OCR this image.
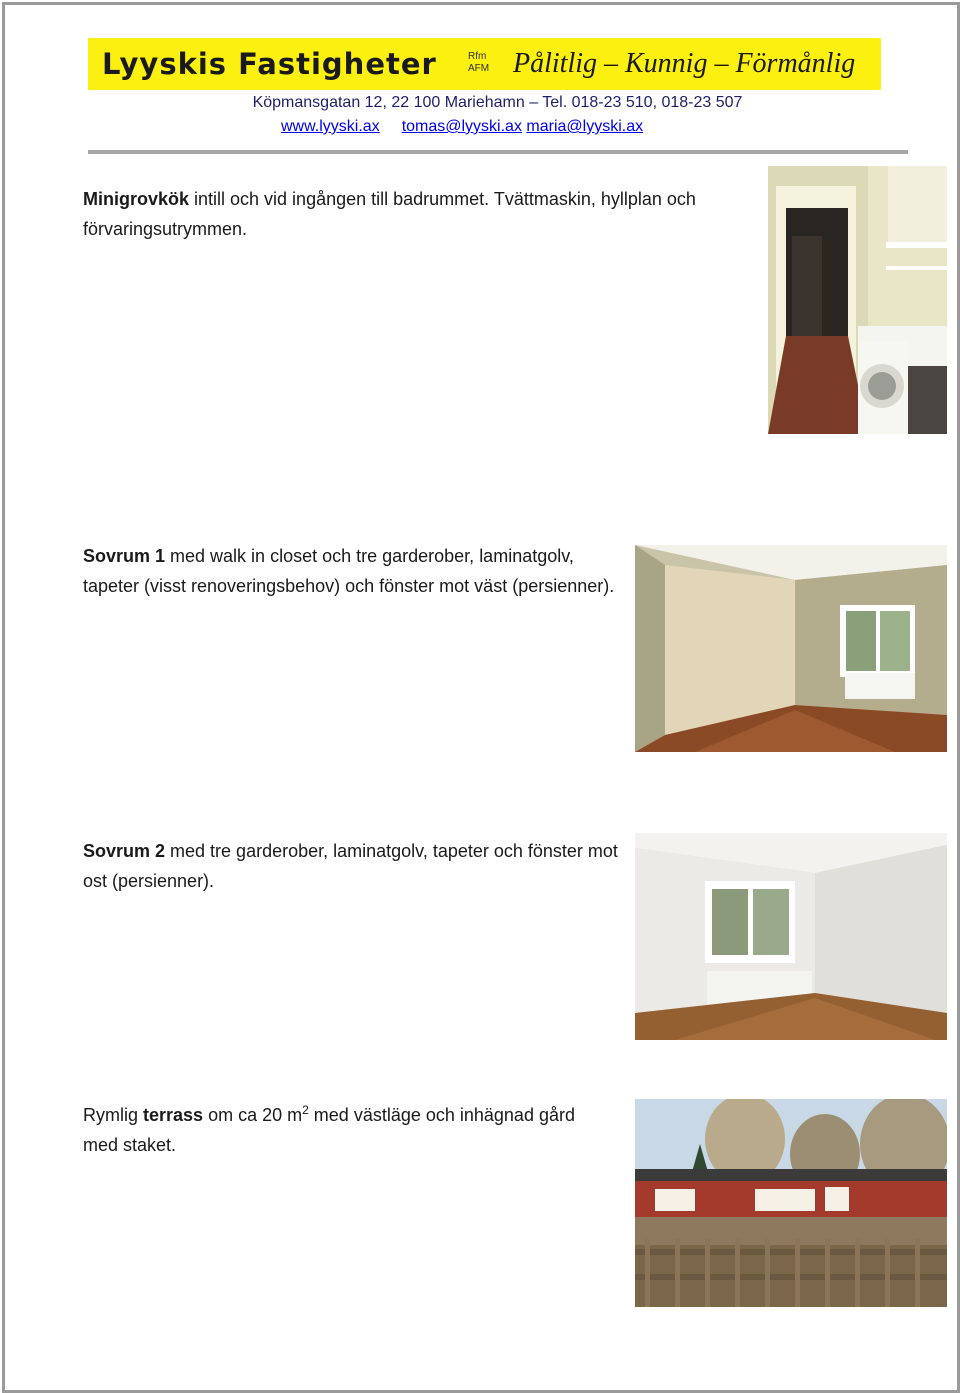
Lyyskis Fastigheter	Rfm
AFM Pålitlig – Kunnig – Förmånlig
Köpmansgatan 12, 22 100 Mariehamn – Tel. 018-23 510, 018-23 507
www.lyyski.ax tomas@lyyski.ax maria@lyyski.ax
Minigrovkök intill och vid ingången till badrummet. Tvättmaskin, hyllplan och förvaringsutrymmen.
Sovrum 1 med walk in closet och tre garderober, laminatgolv, tapeter (visst renoveringsbehov) och fönster mot väst (persienner).
Sovrum 2 med tre garderober, laminatgolv, tapeter och fönster mot ost (persienner).
Rymlig terrass om ca 20 $m^2$ med västläge och inhägnad gård med staket.
